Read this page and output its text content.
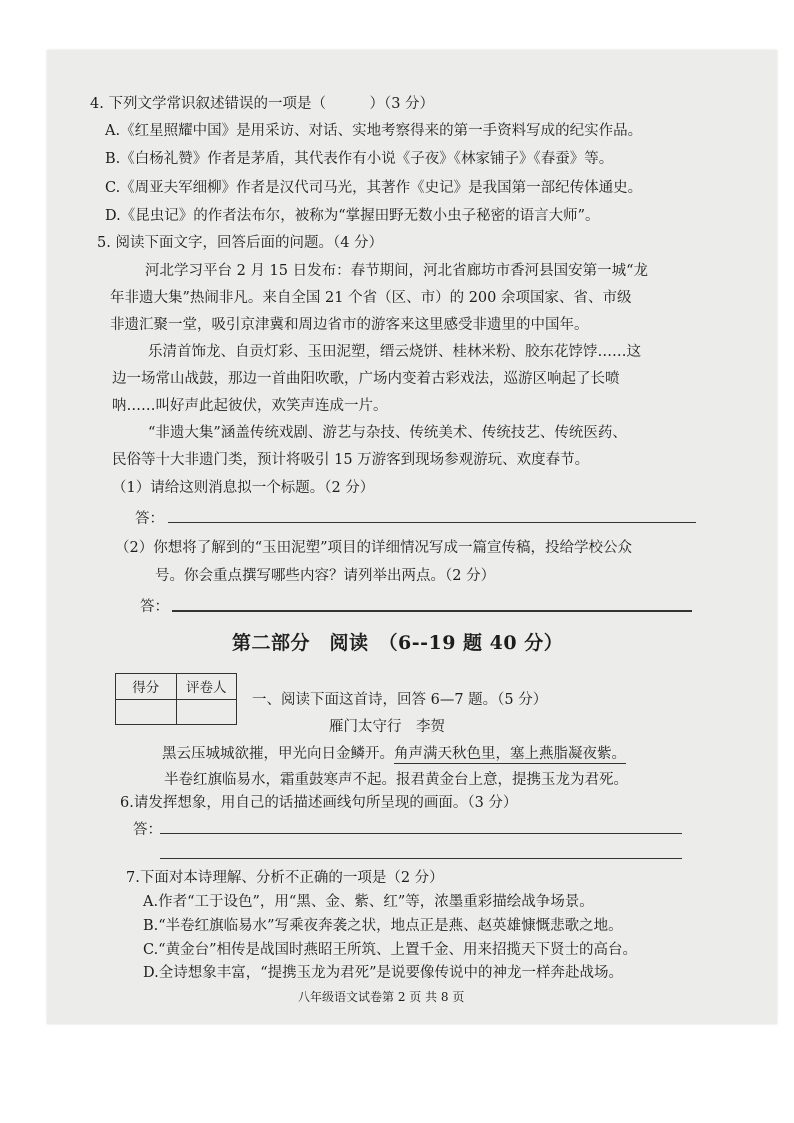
4. 下列文学常识叙述错误的一项是（　　　）（3 分）
A.《红星照耀中国》是用采访、对话、实地考察得来的第一手资料写成的纪实作品。
B.《白杨礼赞》作者是茅盾，其代表作有小说《子夜》《林家铺子》《春蚕》等。
C.《周亚夫军细柳》作者是汉代司马光，其著作《史记》是我国第一部纪传体通史。
D.《昆虫记》的作者法布尔，被称为“掌握田野无数小虫子秘密的语言大师”。
5. 阅读下面文字，回答后面的问题。（4 分）
河北学习平台 2 月 15 日发布：春节期间，河北省廊坊市香河县国安第一城“龙
年非遗大集”热闹非凡。来自全国 21 个省（区、市）的 200 余项国家、省、市级
非遗汇聚一堂，吸引京津冀和周边省市的游客来这里感受非遗里的中国年。
乐清首饰龙、自贡灯彩、玉田泥塑，缙云烧饼、桂林米粉、胶东花饽饽……这
边一场常山战鼓，那边一首曲阳吹歌，广场内变着古彩戏法，巡游区响起了长喷
呐……叫好声此起彼伏，欢笑声连成一片。
“非遗大集”涵盖传统戏剧、游艺与杂技、传统美术、传统技艺、传统医药、
民俗等十大非遗门类，预计将吸引 15 万游客到现场参观游玩、欢度春节。
（1）请给这则消息拟一个标题。（2 分）
答：
（2）你想将了解到的“玉田泥塑”项目的详细情况写成一篇宣传稿，投给学校公众
号。你会重点撰写哪些内容？请列举出两点。（2 分）
答：
第二部分　阅读　（6--19 题 40 分）
得分	评卷人

一、阅读下面这首诗，回答 6—7 题。（5 分）
雁门太守行　李贺
黑云压城城欲摧，甲光向日金鳞开。角声满天秋色里，塞上燕脂凝夜紫。
半卷红旗临易水，霜重鼓寒声不起。报君黄金台上意，提携玉龙为君死。
6.请发挥想象，用自己的话描述画线句所呈现的画面。（3 分）
答：
7.下面对本诗理解、分析不正确的一项是（2 分）
A.作者“工于设色”，用“黑、金、紫、红”等，浓墨重彩描绘战争场景。
B.“半卷红旗临易水”写乘夜奔袭之状，地点正是燕、赵英雄慷慨悲歌之地。
C.“黄金台”相传是战国时燕昭王所筑、上置千金、用来招揽天下贤士的高台。
D.全诗想象丰富，“提携玉龙为君死”是说要像传说中的神龙一样奔赴战场。
八年级语文试卷第 2 页 共 8 页
